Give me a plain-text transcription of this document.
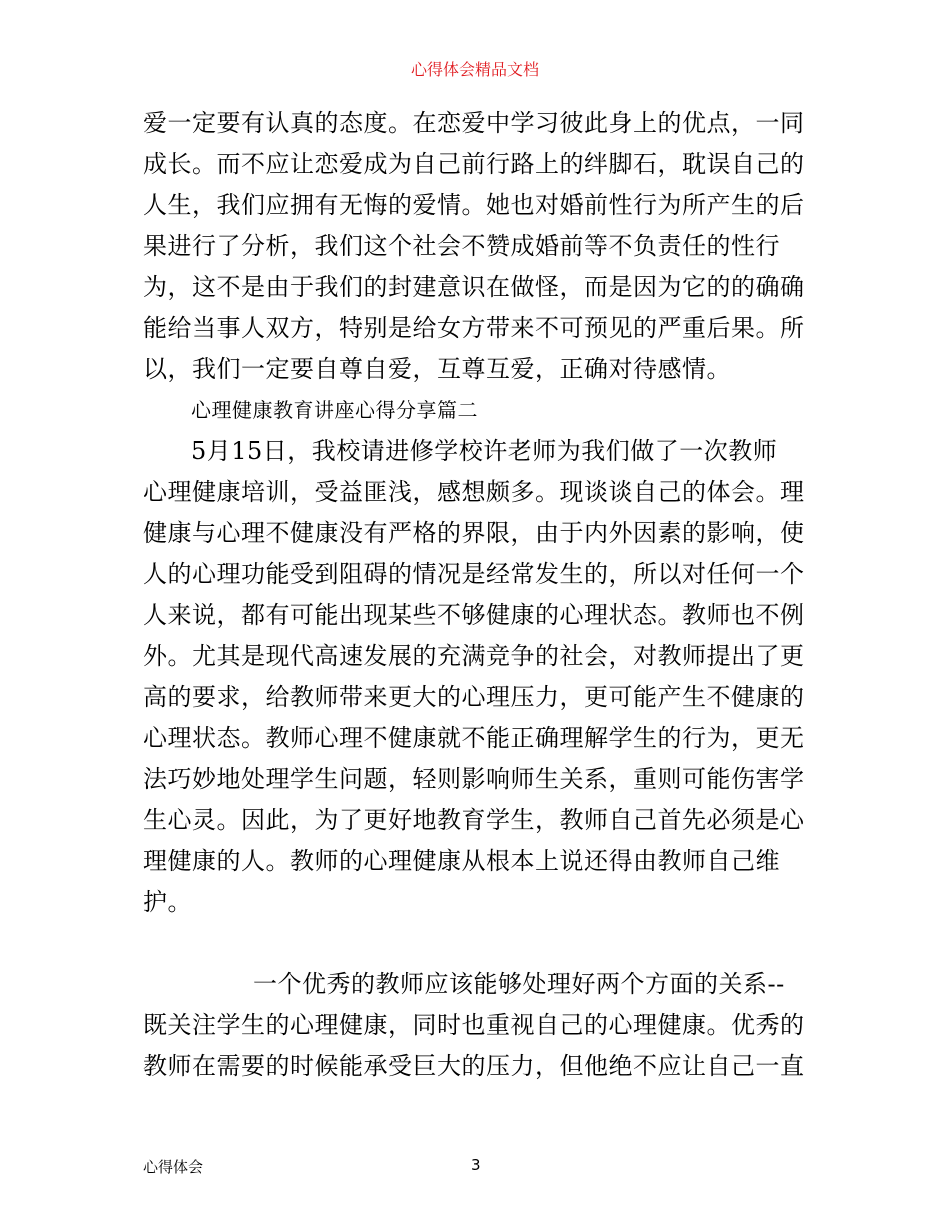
心得体会精品文档
爱一定要有认真的态度。在恋爱中学习彼此身上的优点，一同
成长。而不应让恋爱成为自己前行路上的绊脚石，耽误自己的
人生，我们应拥有无悔的爱情。她也对婚前性行为所产生的后
果进行了分析，我们这个社会不赞成婚前等不负责任的性行
为，这不是由于我们的封建意识在做怪，而是因为它的的确确
能给当事人双方，特别是给女方带来不可预见的严重后果。所
以，我们一定要自尊自爱，互尊互爱，正确对待感情。
心理健康教育讲座心得分享篇二
5月15日，我校请进修学校许老师为我们做了一次教师
心理健康培训，受益匪浅，感想颇多。现谈谈自己的体会。理
健康与心理不健康没有严格的界限，由于内外因素的影响，使
人的心理功能受到阻碍的情况是经常发生的，所以对任何一个
人来说，都有可能出现某些不够健康的心理状态。教师也不例
外。尤其是现代高速发展的充满竞争的社会，对教师提出了更
高的要求，给教师带来更大的心理压力，更可能产生不健康的
心理状态。教师心理不健康就不能正确理解学生的行为，更无
法巧妙地处理学生问题，轻则影响师生关系，重则可能伤害学
生心灵。因此，为了更好地教育学生，教师自己首先必须是心
理健康的人。教师的心理健康从根本上说还得由教师自己维
护。
一个优秀的教师应该能够处理好两个方面的关系--
既关注学生的心理健康，同时也重视自己的心理健康。优秀的
教师在需要的时候能承受巨大的压力，但他绝不应让自己一直
心得体会	3
